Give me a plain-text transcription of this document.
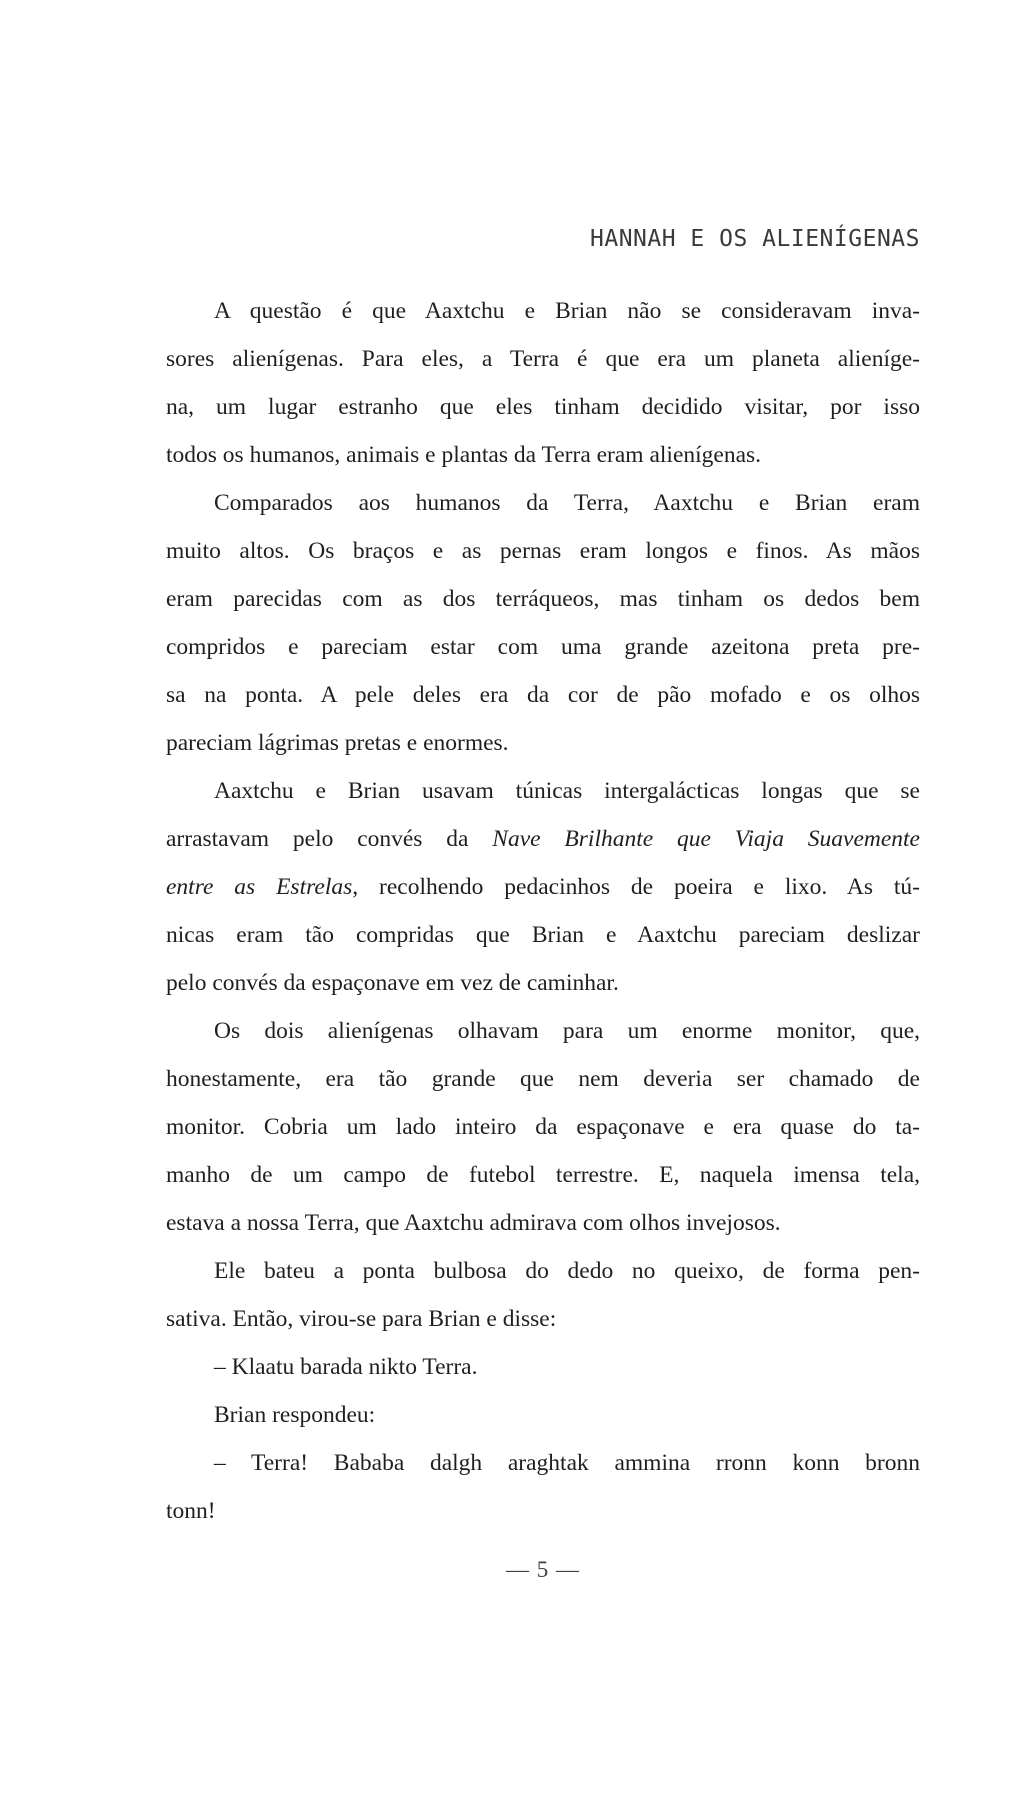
HANNAH E OS ALIENÍGENAS
A questão é que Aaxtchu e Brian não se consideravam inva-
sores alienígenas. Para eles, a Terra é que era um planeta alieníge-
na, um lugar estranho que eles tinham decidido visitar, por isso
todos os humanos, animais e plantas da Terra eram alienígenas.
Comparados aos humanos da Terra, Aaxtchu e Brian eram
muito altos. Os braços e as pernas eram longos e finos. As mãos
eram parecidas com as dos terráqueos, mas tinham os dedos bem
compridos e pareciam estar com uma grande azeitona preta pre-
sa na ponta. A pele deles era da cor de pão mofado e os olhos
pareciam lágrimas pretas e enormes.
Aaxtchu e Brian usavam túnicas intergalácticas longas que se
arrastavam pelo convés da Nave Brilhante que Viaja Suavemente
entre as Estrelas, recolhendo pedacinhos de poeira e lixo. As tú-
nicas eram tão compridas que Brian e Aaxtchu pareciam deslizar
pelo convés da espaçonave em vez de caminhar.
Os dois alienígenas olhavam para um enorme monitor, que,
honestamente, era tão grande que nem deveria ser chamado de
monitor. Cobria um lado inteiro da espaçonave e era quase do ta-
manho de um campo de futebol terrestre. E, naquela imensa tela,
estava a nossa Terra, que Aaxtchu admirava com olhos invejosos.
Ele bateu a ponta bulbosa do dedo no queixo, de forma pen-
sativa. Então, virou-se para Brian e disse:
– Klaatu barada nikto Terra.
Brian respondeu:
– Terra! Bababa dalgh araghtak ammina rronn konn bronn
tonn!
— 5 —
